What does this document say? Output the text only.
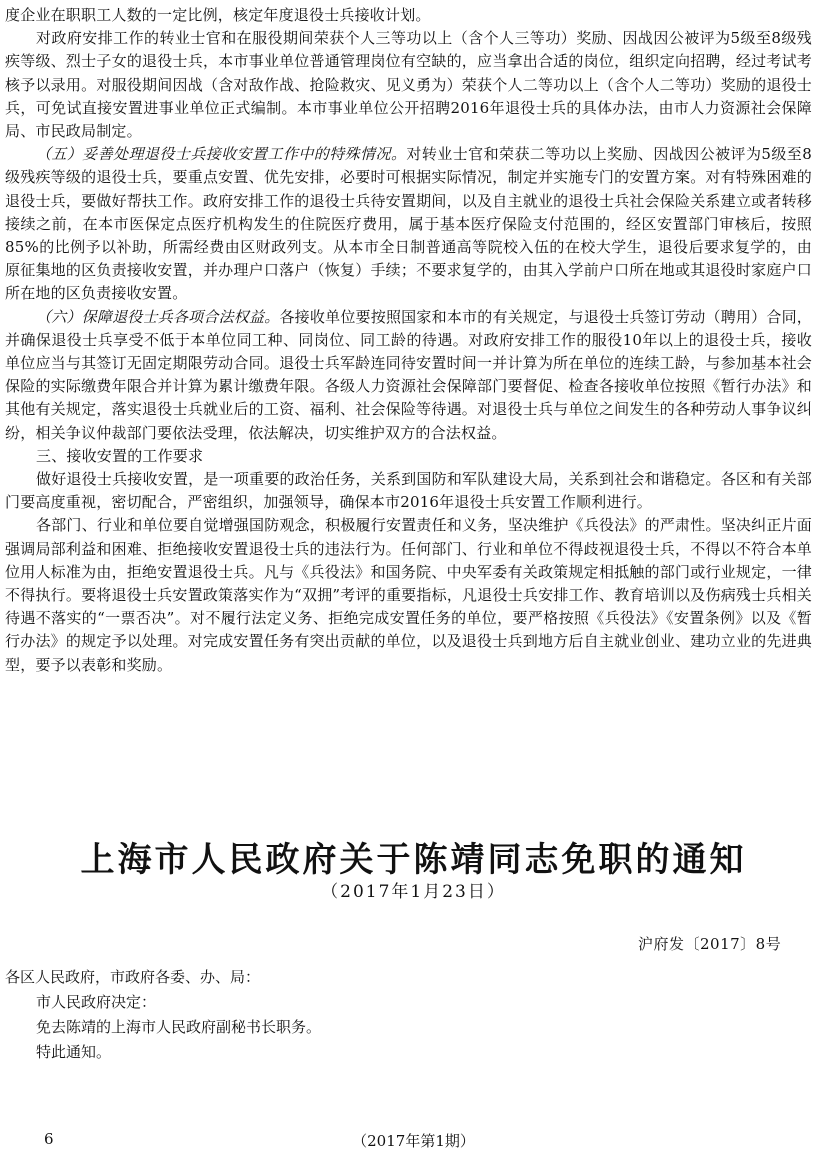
度企业在职职工人数的一定比例，核定年度退役士兵接收计划。

对政府安排工作的转业士官和在服役期间荣获个人三等功以上（含个人三等功）奖励、因战因公被评为5级至8级残疾等级、烈士子女的退役士兵，本市事业单位普通管理岗位有空缺的，应当拿出合适的岗位，组织定向招聘，经过考试考核予以录用。对服役期间因战（含对敌作战、抢险救灾、见义勇为）荣获个人二等功以上（含个人二等功）奖励的退役士兵，可免试直接安置进事业单位正式编制。本市事业单位公开招聘2016年退役士兵的具体办法，由市人力资源社会保障局、市民政局制定。

（五）妥善处理退役士兵接收安置工作中的特殊情况。对转业士官和荣获二等功以上奖励、因战因公被评为5级至8级残疾等级的退役士兵，要重点安置、优先安排，必要时可根据实际情况，制定并实施专门的安置方案。对有特殊困难的退役士兵，要做好帮扶工作。政府安排工作的退役士兵待安置期间，以及自主就业的退役士兵社会保险关系建立或者转移接续之前，在本市医保定点医疗机构发生的住院医疗费用，属于基本医疗保险支付范围的，经区安置部门审核后，按照85%的比例予以补助，所需经费由区财政列支。从本市全日制普通高等院校入伍的在校大学生，退役后要求复学的，由原征集地的区负责接收安置，并办理户口落户（恢复）手续；不要求复学的，由其入学前户口所在地或其退役时家庭户口所在地的区负责接收安置。

（六）保障退役士兵各项合法权益。各接收单位要按照国家和本市的有关规定，与退役士兵签订劳动（聘用）合同，并确保退役士兵享受不低于本单位同工种、同岗位、同工龄的待遇。对政府安排工作的服役10年以上的退役士兵，接收单位应当与其签订无固定期限劳动合同。退役士兵军龄连同待安置时间一并计算为所在单位的连续工龄，与参加基本社会保险的实际缴费年限合并计算为累计缴费年限。各级人力资源社会保障部门要督促、检查各接收单位按照《暂行办法》和其他有关规定，落实退役士兵就业后的工资、福利、社会保险等待遇。对退役士兵与单位之间发生的各种劳动人事争议纠纷，相关争议仲裁部门要依法受理，依法解决，切实维护双方的合法权益。

三、接收安置的工作要求

做好退役士兵接收安置，是一项重要的政治任务，关系到国防和军队建设大局，关系到社会和谐稳定。各区和有关部门要高度重视，密切配合，严密组织，加强领导，确保本市2016年退役士兵安置工作顺利进行。

各部门、行业和单位要自觉增强国防观念，积极履行安置责任和义务，坚决维护《兵役法》的严肃性。坚决纠正片面强调局部利益和困难、拒绝接收安置退役士兵的违法行为。任何部门、行业和单位不得歧视退役士兵，不得以不符合本单位用人标准为由，拒绝安置退役士兵。凡与《兵役法》和国务院、中央军委有关政策规定相抵触的部门或行业规定，一律不得执行。要将退役士兵安置政策落实作为“双拥”考评的重要指标，凡退役士兵安排工作、教育培训以及伤病残士兵相关待遇不落实的“一票否决”。对不履行法定义务、拒绝完成安置任务的单位，要严格按照《兵役法》《安置条例》以及《暂行办法》的规定予以处理。对完成安置任务有突出贡献的单位，以及退役士兵到地方后自主就业创业、建功立业的先进典型，要予以表彰和奖励。

上海市人民政府关于陈靖同志免职的通知
（2017年1月23日）
沪府发〔2017〕8号

各区人民政府，市政府各委、办、局：

市人民政府决定：

免去陈靖的上海市人民政府副秘书长职务。

特此通知。

6	（2017年第1期）
